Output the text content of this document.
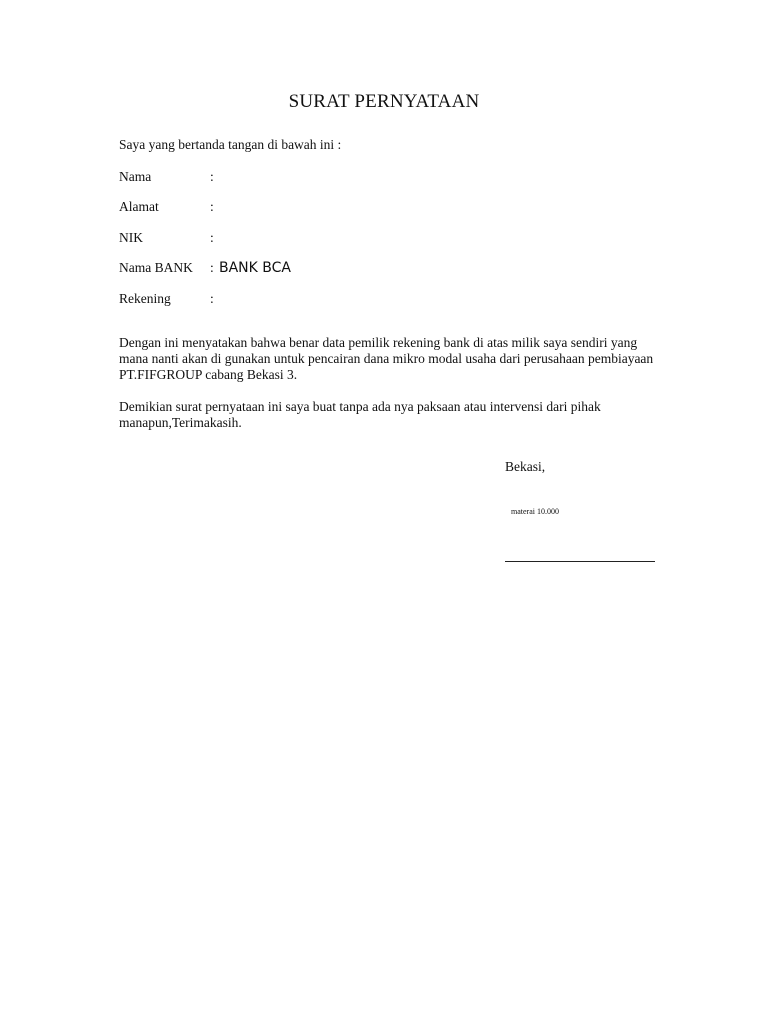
SURAT PERNYATAAN
Saya yang bertanda tangan di bawah ini :
Nama	:
Alamat	:
NIK	:
Nama BANK : BANK BCA
Rekening	:
Dengan ini menyatakan bahwa benar data pemilik rekening bank di atas milik saya sendiri yang
mana nanti akan di gunakan untuk pencairan dana mikro modal usaha dari perusahaan pembiayaan
PT.FIFGROUP cabang Bekasi 3.
Demikian surat pernyataan ini saya buat tanpa ada nya paksaan atau intervensi dari pihak
manapun,Terimakasih.
Bekasi,
materai 10.000
